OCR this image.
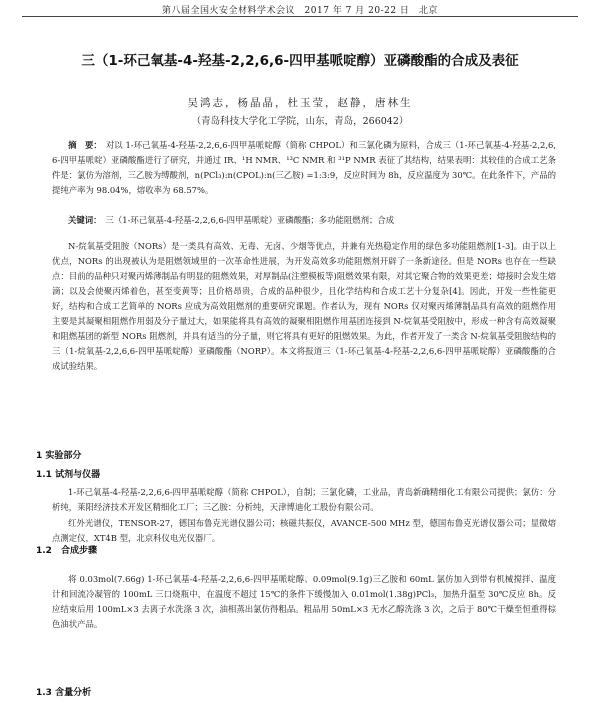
第八届全国火安全材料学术会议　2017 年 7 月 20-22 日　北京
三（1-环己氧基-4-羟基-2,2,6,6-四甲基哌啶醇）亚磷酸酯的合成及表征
吴鸿志，杨晶晶，杜玉莹，赵静，唐林生
（青岛科技大学化工学院，山东，青岛，266042）
摘　要： 对以 1-环己氧基-4-羟基-2,2,6,6-四甲基哌啶醇（简称 CHPOL）和三氯化磷为原料，合成三（1-环己氧基-4-羟基-2,2,6,6-四甲基哌啶）亚磷酸酯进行了研究，并通过 IR、¹H NMR、¹³C NMR 和 ³¹P NMR 表征了其结构，结果表明：其较佳的合成工艺条件是：氯仿为溶剂，三乙胺为缚酸剂，n(PCl₃):n(CPOL):n(三乙胺) =1:3:9，反应时间为 8h，反应温度为 30℃。在此条件下，产品的提纯产率为 98.04%，熔收率为 68.57%。
关键词： 三（1-环己氧基-4-羟基-2,2,6,6-四甲基哌啶）亚磷酸酯；多功能阻燃剂；合成
N-烷氧基受阻胺（NORs）是一类具有高效、无毒、无卤、少烟等优点，并兼有光热稳定作用的绿色多功能阻燃剂[1-3]。由于以上优点，NORs 的出现被认为是阻燃领域里的一次革命性进展，为开发高效多功能阻燃剂开辟了一条新途径。但是 NORs 也存在一些缺点：目前的品种只对聚丙烯薄制品有明显的阻燃效果，对厚制品(注塑模板等)阻燃效果有限，对其它聚合物的效果更差；熔接时会发生熔滴；以及会使聚丙烯着色，甚至变黄等；且价格昂贵，合成的品种很少，且化学结构和合成工艺十分复杂[4]。因此，开发一些性能更好，结构和合成工艺简单的 NORs 应成为高效阻燃剂的重要研究课题。作者认为，现有 NORs 仅对聚丙烯薄制品具有高效的阻燃作用主要是其凝聚相阻燃作用弱及分子量过大，如果能将具有高效的凝聚相阻燃作用基团连接到 N-烷氧基受阻胺中，形成一种含有高效凝聚和阻燃基团的新型 NORs 阻燃剂，并具有适当的分子量，则它将具有更好的阻燃效果。为此，作者开发了一类含 N-烷氧基受阻胺结构的三（1-烷氧基-2,2,6,6-四甲基哌啶醇）亚磷酸酯（NORP）。本文将报道三（1-环己氧基-4-羟基-2,2,6,6-四甲基哌啶醇）亚磷酸酯的合成试验结果。
1 实验部分
1.1 试剂与仪器
1-环己氧基-4-羟基-2,2,6,6-四甲基哌啶醇（简称 CHPOL），自制；三氯化磷，工业品，青岛新确精细化工有限公司提供；氯仿：分析纯，莱阳经济技术开发区精细化工厂；三乙胺：分析纯，天津博迪化工股份有限公司。
红外光谱仪，TENSOR-27，德国布鲁克光谱仪器公司；核磁共振仪，AVANCE-500 MHz 型，德国布鲁克光谱仪器公司；显微熔点测定仪，XT4B 型，北京科仪电光仪器厂。
1.2　合成步骤
将 0.03mol(7.66g) 1-环己氧基-4-羟基-2,2,6,6-四甲基哌啶醇、0.09mol(9.1g)三乙胺和 60mL 氯仿加入到带有机械搅拌、温度计和回流冷凝管的 100mL 三口烧瓶中，在温度不超过 15℃的条件下缓慢加入 0.01mol(1.38g)PCl₃，加热升温至 30℃反应 8h。反应结束后用 100mL×3 去离子水洗涤 3 次，油相蒸出氯仿得粗品。粗品用 50mL×3 无水乙醇洗涤 3 次，之后于 80℃干燥至恒重得棕色油状产品。
1.3 含量分析
